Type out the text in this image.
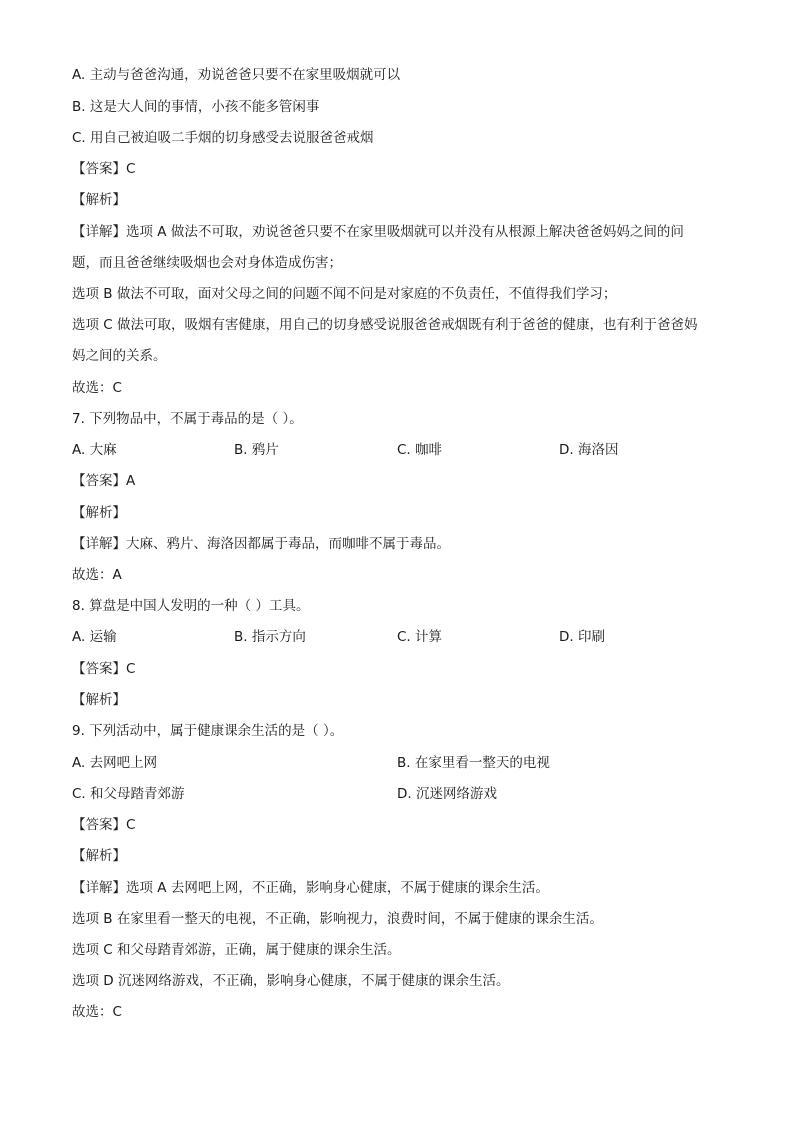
A. 主动与爸爸沟通，劝说爸爸只要不在家里吸烟就可以
B. 这是大人间的事情，小孩不能多管闲事
C. 用自己被迫吸二手烟的切身感受去说服爸爸戒烟
【答案】C
【解析】
【详解】选项 A 做法不可取，劝说爸爸只要不在家里吸烟就可以并没有从根源上解决爸爸妈妈之间的问
题，而且爸爸继续吸烟也会对身体造成伤害；
选项 B 做法不可取，面对父母之间的问题不闻不问是对家庭的不负责任，不值得我们学习；
选项 C 做法可取，吸烟有害健康，用自己的切身感受说服爸爸戒烟既有利于爸爸的健康，也有利于爸爸妈
妈之间的关系。
故选：C
7. 下列物品中，不属于毒品的是（ ）。
A. 大麻	B. 鸦片	C. 咖啡	D. 海洛因
【答案】A
【解析】
【详解】大麻、鸦片、海洛因都属于毒品，而咖啡不属于毒品。
故选：A
8. 算盘是中国人发明的一种（ ）工具。
A. 运输	B. 指示方向	C. 计算	D. 印刷
【答案】C
【解析】
9. 下列活动中，属于健康课余生活的是（ ）。
A. 去网吧上网	B. 在家里看一整天的电视
C. 和父母踏青郊游	D. 沉迷网络游戏
【答案】C
【解析】
【详解】选项 A 去网吧上网，不正确，影响身心健康，不属于健康的课余生活。
选项 B 在家里看一整天的电视，不正确，影响视力，浪费时间，不属于健康的课余生活。
选项 C 和父母踏青郊游，正确，属于健康的课余生活。
选项 D 沉迷网络游戏，不正确，影响身心健康，不属于健康的课余生活。
故选：C
